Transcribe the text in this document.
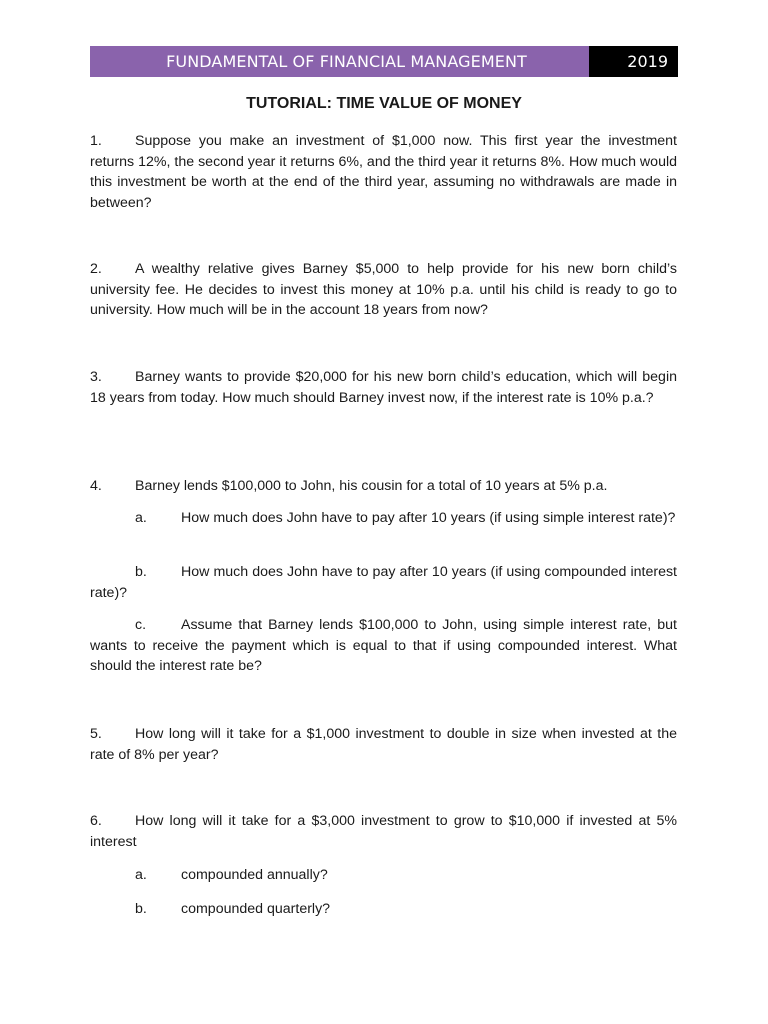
FUNDAMENTAL OF FINANCIAL MANAGEMENT	2019
TUTORIAL: TIME VALUE OF MONEY
1. Suppose you make an investment of $1,000 now. This first year the investment returns 12%, the second year it returns 6%, and the third year it returns 8%. How much would this investment be worth at the end of the third year, assuming no withdrawals are made in between?
2. A wealthy relative gives Barney $5,000 to help provide for his new born child’s university fee. He decides to invest this money at 10% p.a. until his child is ready to go to university. How much will be in the account 18 years from now?
3. Barney wants to provide $20,000 for his new born child’s education, which will begin 18 years from today. How much should Barney invest now, if the interest rate is 10% p.a.?
4. Barney lends $100,000 to John, his cousin for a total of 10 years at 5% p.a.
a. How much does John have to pay after 10 years (if using simple interest rate)?
b. How much does John have to pay after 10 years (if using compounded interest rate)?
c. Assume that Barney lends $100,000 to John, using simple interest rate, but wants to receive the payment which is equal to that if using compounded interest. What should the interest rate be?
5. How long will it take for a $1,000 investment to double in size when invested at the rate of 8% per year?
6. How long will it take for a $3,000 investment to grow to $10,000 if invested at 5% interest
a. compounded annually?
b. compounded quarterly?
